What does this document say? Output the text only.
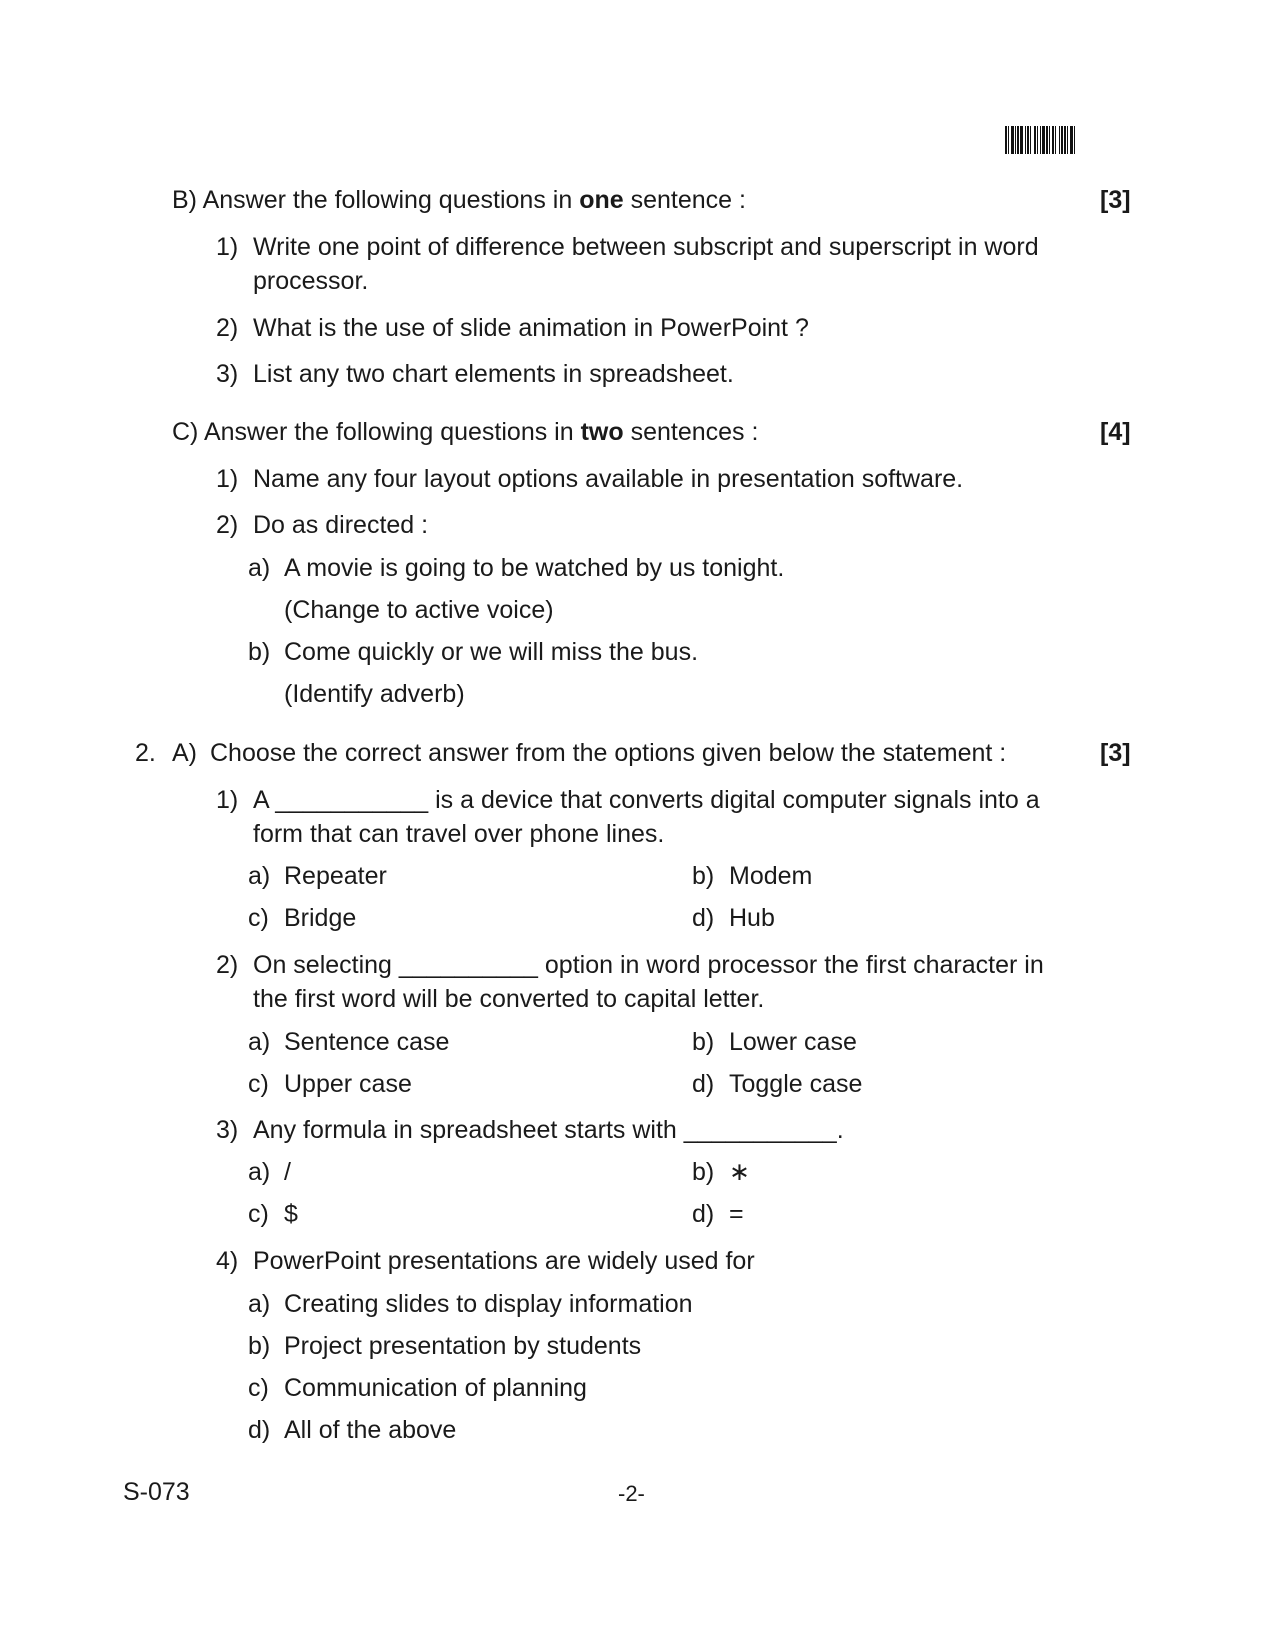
B) Answer the following questions in one sentence :	[3]
1) Write one point of difference between subscript and superscript in word
processor.
2) What is the use of slide animation in PowerPoint ?
3) List any two chart elements in spreadsheet.
C) Answer the following questions in two sentences :	[4]
1) Name any four layout options available in presentation software.
2) Do as directed :
a) A movie is going to be watched by us tonight.
(Change to active voice)
b) Come quickly or we will miss the bus.
(Identify adverb)
2. A) Choose the correct answer from the options given below the statement :	[3]
1) A ___________ is a device that converts digital computer signals into a
form that can travel over phone lines.
a) Repeater	b) Modem
c) Bridge	d) Hub
2) On selecting __________ option in word processor the first character in
the first word will be converted to capital letter.
a) Sentence case	b) Lower case
c) Upper case	d) Toggle case
3) Any formula in spreadsheet starts with ___________.
a) /	b) ∗
c) $	d) =
4) PowerPoint presentations are widely used for
a) Creating slides to display information
b) Project presentation by students
c) Communication of planning
d) All of the above
S-073	-2-
